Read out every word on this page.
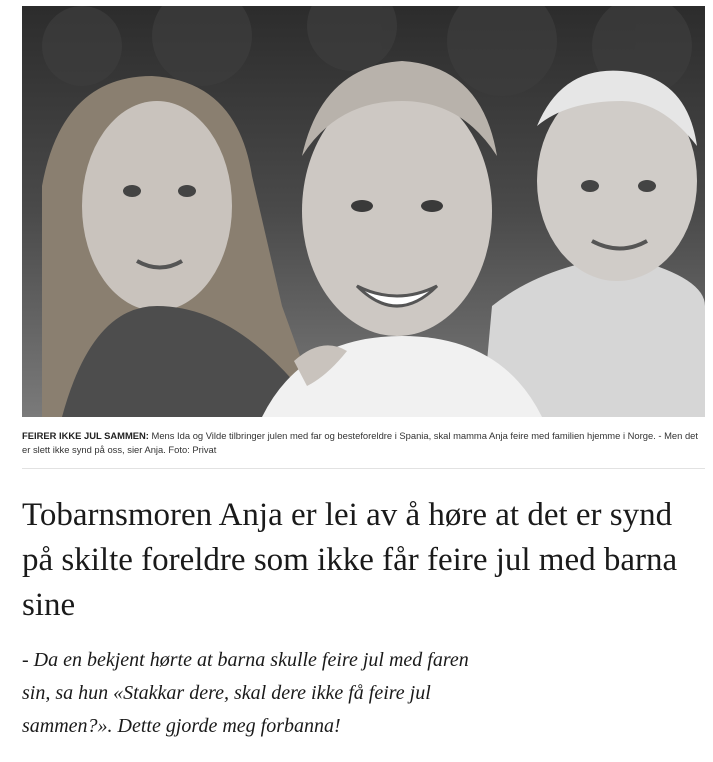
FEIRER IKKE JUL SAMMEN: Mens Ida og Vilde tilbringer julen med far og besteforeldre i Spania, skal mamma Anja feire med familien hjemme i Norge. - Men det er slett ikke synd på oss, sier Anja. Foto: Privat
Tobarnsmoren Anja er lei av å høre at det er synd på skilte foreldre som ikke får feire jul med barna sine

- Da en bekjent hørte at barna skulle feire jul med faren sin, sa hun «Stakkar dere, skal dere ikke få feire jul sammen?». Dette gjorde meg forbanna!
